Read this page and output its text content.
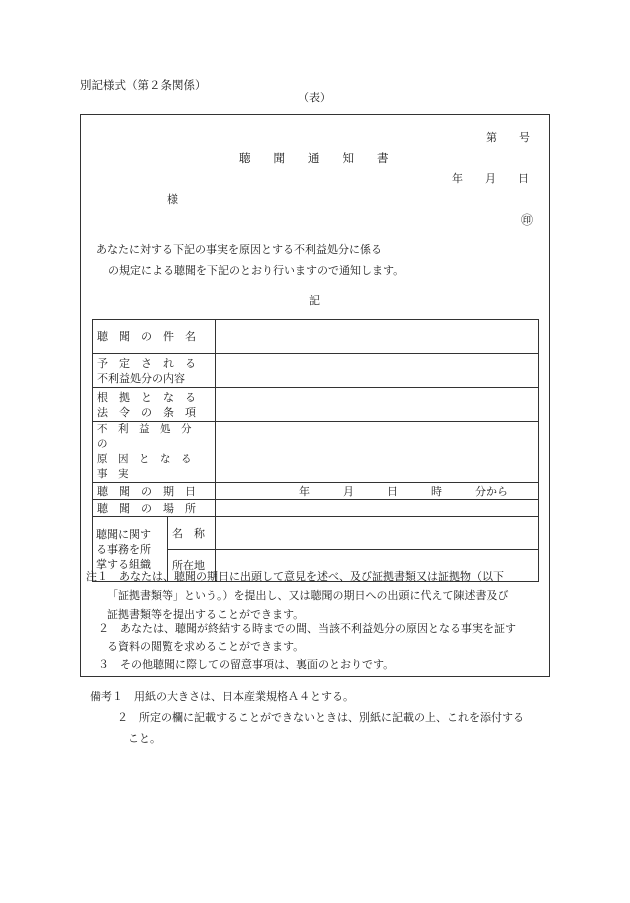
別記様式（第２条関係）
（表）
第　　号
聴　　聞　　通　　知　　書
年　　月　　日
様
㊞
あなたに対する下記の事実を原因とする不利益処分に係る
の規定による聴聞を下記のとおり行いますので通知します。
記
聴　聞　の　件　名		

予　定　さ　れ　る
不利益処分の内容		

根　拠　と　な　る
法　令　の　条　項		

不　利　益　処　分　の
原　因　と　な　る　事　実		

聴　聞　の　期　日		年　　　月　　　日　　　時　　　分から
聴　聞　の　場　所		

聴聞に関す
る事務を所
掌する組織	名　称	
	所在地	
注１　 あなたは、聴聞の期日に出頭して意見を述べ、及び証拠書類又は証拠物（以下
「証拠書類等」という。）を提出し、又は聴聞の期日への出頭に代えて陳述書及び
証拠書類等を提出することができます。
２　 あなたは、聴聞が終結する時までの間、当該不利益処分の原因となる事実を証す
る資料の閲覧を求めることができます。
３　 その他聴聞に際しての留意事項は、裏面のとおりです。
備考１　 用紙の大きさは、日本産業規格Ａ４とする。
２　 所定の欄に記載することができないときは、別紙に記載の上、これを添付する
こと。
